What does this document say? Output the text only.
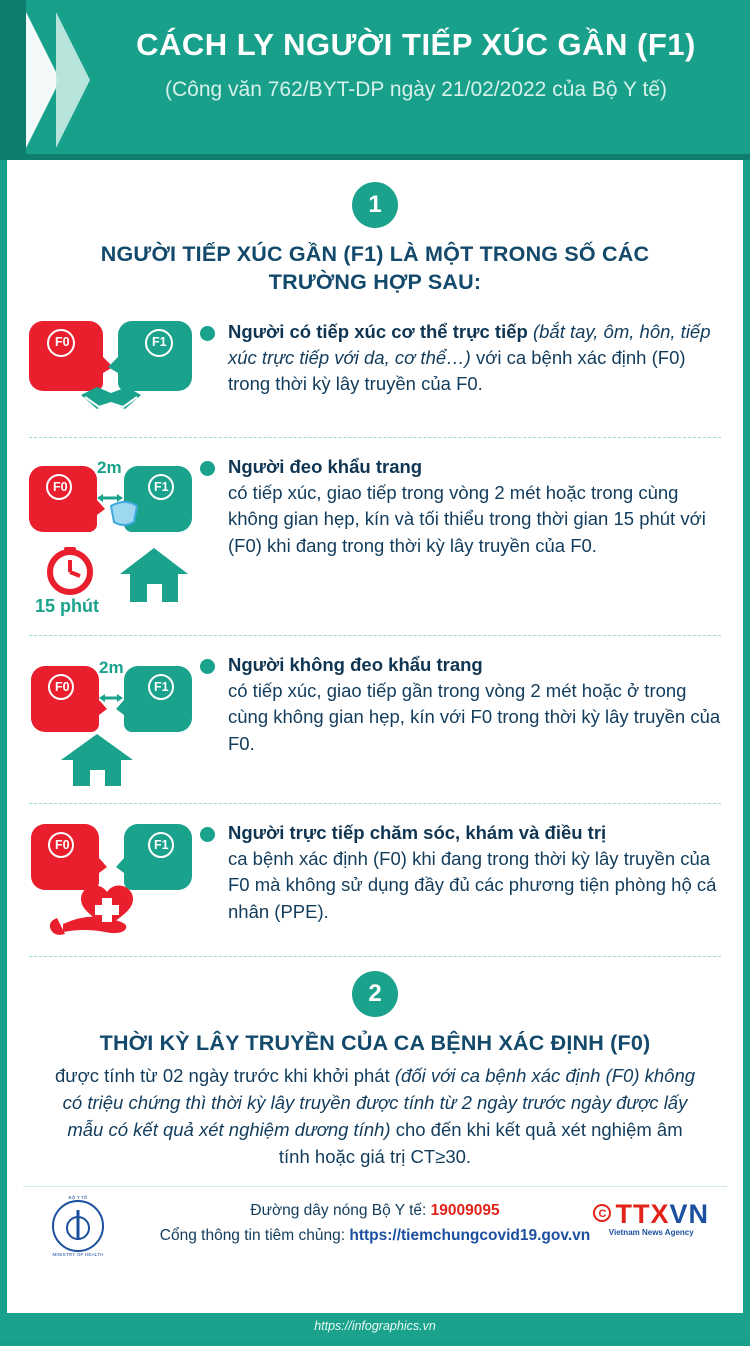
CÁCH LY NGƯỜI TIẾP XÚC GẦN (F1)
(Công văn 762/BYT-DP ngày 21/02/2022 của Bộ Y tế)
1
NGƯỜI TIẾP XÚC GẦN (F1) LÀ MỘT TRONG SỐ CÁC TRƯỜNG HỢP SAU:
F0	F1	Người có tiếp xúc cơ thể trực tiếp (bắt tay, ôm, hôn, tiếp xúc trực tiếp với da, cơ thể…) với ca bệnh xác định (F0) trong thời kỳ lây truyền của F0.

F0	F1
2m
15 phút

Người đeo khẩu trang
có tiếp xúc, giao tiếp trong vòng 2 mét hoặc trong cùng không gian hẹp, kín và tối thiểu trong thời gian 15 phút với (F0) khi đang trong thời kỳ lây truyền của F0.

F0	F1
2m	Người không đeo khẩu trang
có tiếp xúc, giao tiếp gần trong vòng 2 mét hoặc ở trong cùng không gian hẹp, kín với F0 trong thời kỳ lây truyền của F0.

F0	F1

Người trực tiếp chăm sóc, khám và điều trị
ca bệnh xác định (F0) khi đang trong thời kỳ lây truyền của F0 mà không sử dụng đầy đủ các phương tiện phòng hộ cá nhân (PPE).

2
THỜI KỲ LÂY TRUYỀN CỦA CA BỆNH XÁC ĐỊNH (F0)
được tính từ 02 ngày trước khi khởi phát (đối với ca bệnh xác định (F0) không có triệu chứng thì thời kỳ lây truyền được tính từ 2 ngày trước ngày được lấy mẫu có kết quả xét nghiệm dương tính) cho đến khi kết quả xét nghiệm âm tính hoặc giá trị CT≥30.
BỘ Y TẾ
MINISTRY OF HEALTH
Đường dây nóng Bộ Y tế: 19009095
Cổng thông tin tiêm chủng: https://tiemchungcovid19.gov.vn
C TTXVN
Vietnam News Agency
https://infographics.vn
